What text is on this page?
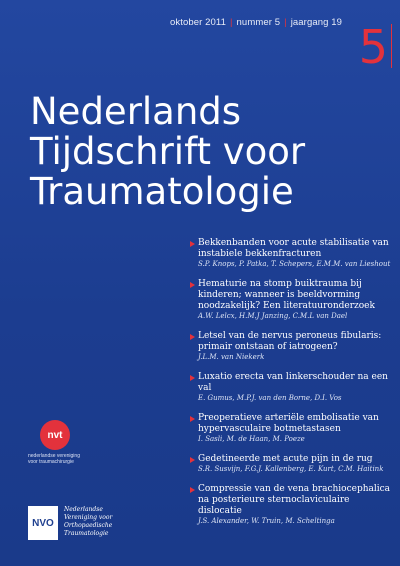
oktober 2011 | nummer 5 | jaargang 19 5
Nederlands
Tijdschrift voor
Traumatologie
Bekkenbanden voor acute stabilisatie van instabiele bekkenfracturen
S.P. Knops, P. Patka, T. Schepers, E.M.M. van Lieshout
Hematurie na stomp buiktrauma bij kinderen; wanneer is beeldvorming noodzakelijk? Een literatuuronderzoek
A.W. Lelcx, H.M.J Janzing, C.M.L van Dael
Letsel van de nervus peroneus fibularis: primair ontstaan of iatrogeen?
J.L.M. van Niekerk
Luxatio erecta van linkerschouder na een val
E. Gumus, M.P.J. van den Borne, D.I. Vos
Preoperatieve arteriële embolisatie van hypervasculaire botmetastasen
I. Sasli, M. de Haan, M. Poeze
Gedetineerde met acute pijn in de rug
S.R. Susvijn, F.G.J. Kallenberg, E. Kurt, C.M. Haitink
Compressie van de vena brachiocephalica na posterieure sternoclaviculaire dislocatie
J.S. Alexander, W. Truin, M. Scheltinga
nvt
nederlandse vereniging
voor traumachirurgie
NVO
Nederlandse
Vereniging voor
Orthopaedische
Traumatologie
